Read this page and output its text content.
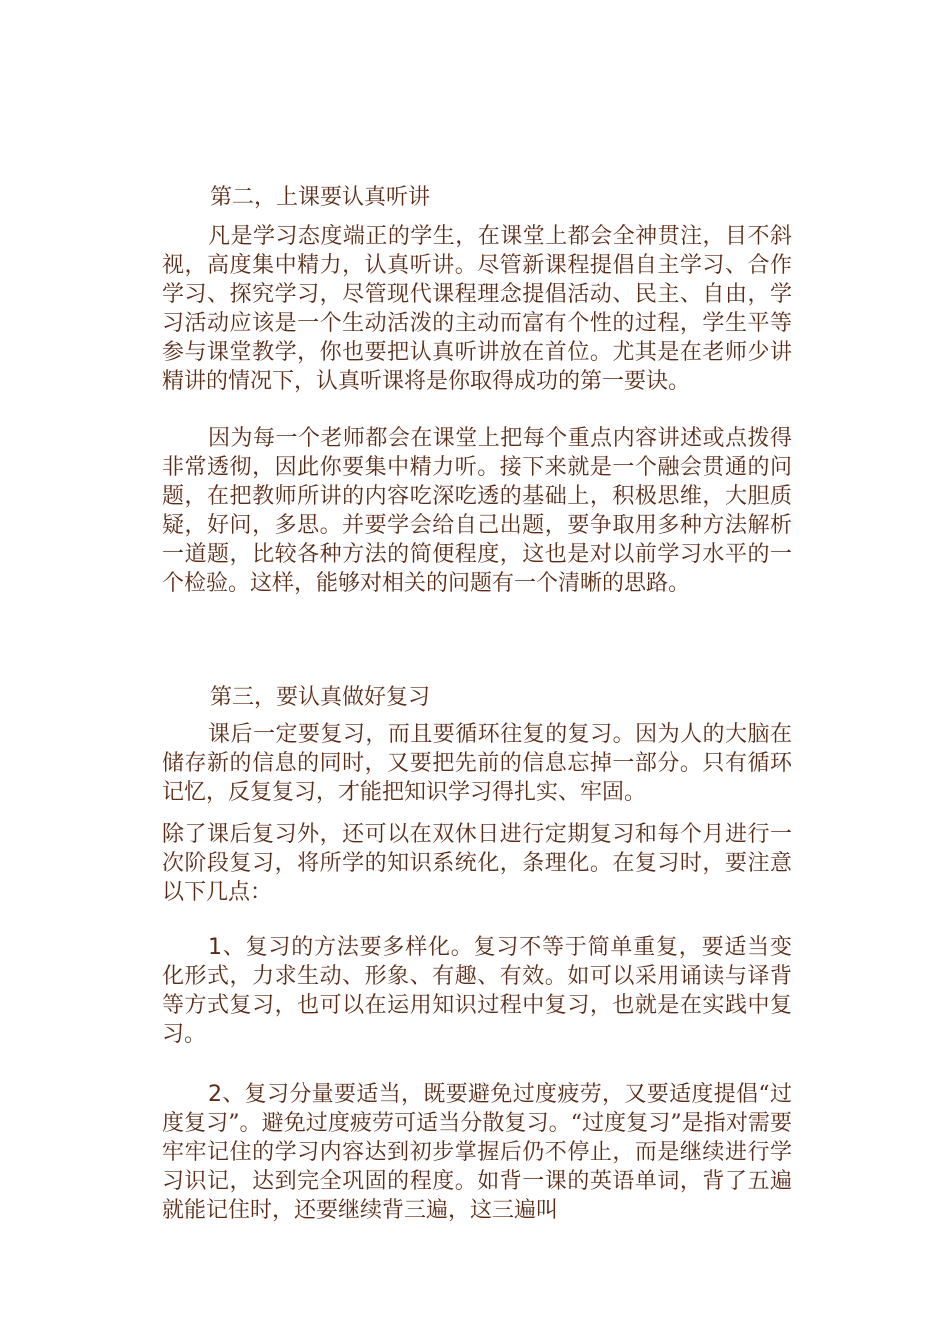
第二，上课要认真听讲

凡是学习态度端正的学生，在课堂上都会全神贯注，目不斜视，高度集中精力，认真听讲。尽管新课程提倡自主学习、合作学习、探究学习，尽管现代课程理念提倡活动、民主、自由，学习活动应该是一个生动活泼的主动而富有个性的过程，学生平等参与课堂教学，你也要把认真听讲放在首位。尤其是在老师少讲精讲的情况下，认真听课将是你取得成功的第一要诀。

因为每一个老师都会在课堂上把每个重点内容讲述或点拨得非常透彻，因此你要集中精力听。接下来就是一个融会贯通的问题，在把教师所讲的内容吃深吃透的基础上，积极思维，大胆质疑，好问，多思。并要学会给自己出题，要争取用多种方法解析一道题，比较各种方法的简便程度，这也是对以前学习水平的一个检验。这样，能够对相关的问题有一个清晰的思路。

第三，要认真做好复习

课后一定要复习，而且要循环往复的复习。因为人的大脑在储存新的信息的同时，又要把先前的信息忘掉一部分。只有循环记忆，反复复习，才能把知识学习得扎实、牢固。

除了课后复习外，还可以在双休日进行定期复习和每个月进行一次阶段复习，将所学的知识系统化，条理化。在复习时，要注意以下几点：

1、复习的方法要多样化。复习不等于简单重复，要适当变化形式，力求生动、形象、有趣、有效。如可以采用诵读与译背等方式复习，也可以在运用知识过程中复习，也就是在实践中复习。

2、复习分量要适当，既要避免过度疲劳，又要适度提倡“过度复习”。避免过度疲劳可适当分散复习。“过度复习”是指对需要牢牢记住的学习内容达到初步掌握后仍不停止，而是继续进行学习识记，达到完全巩固的程度。如背一课的英语单词，背了五遍就能记住时，还要继续背三遍，这三遍叫
